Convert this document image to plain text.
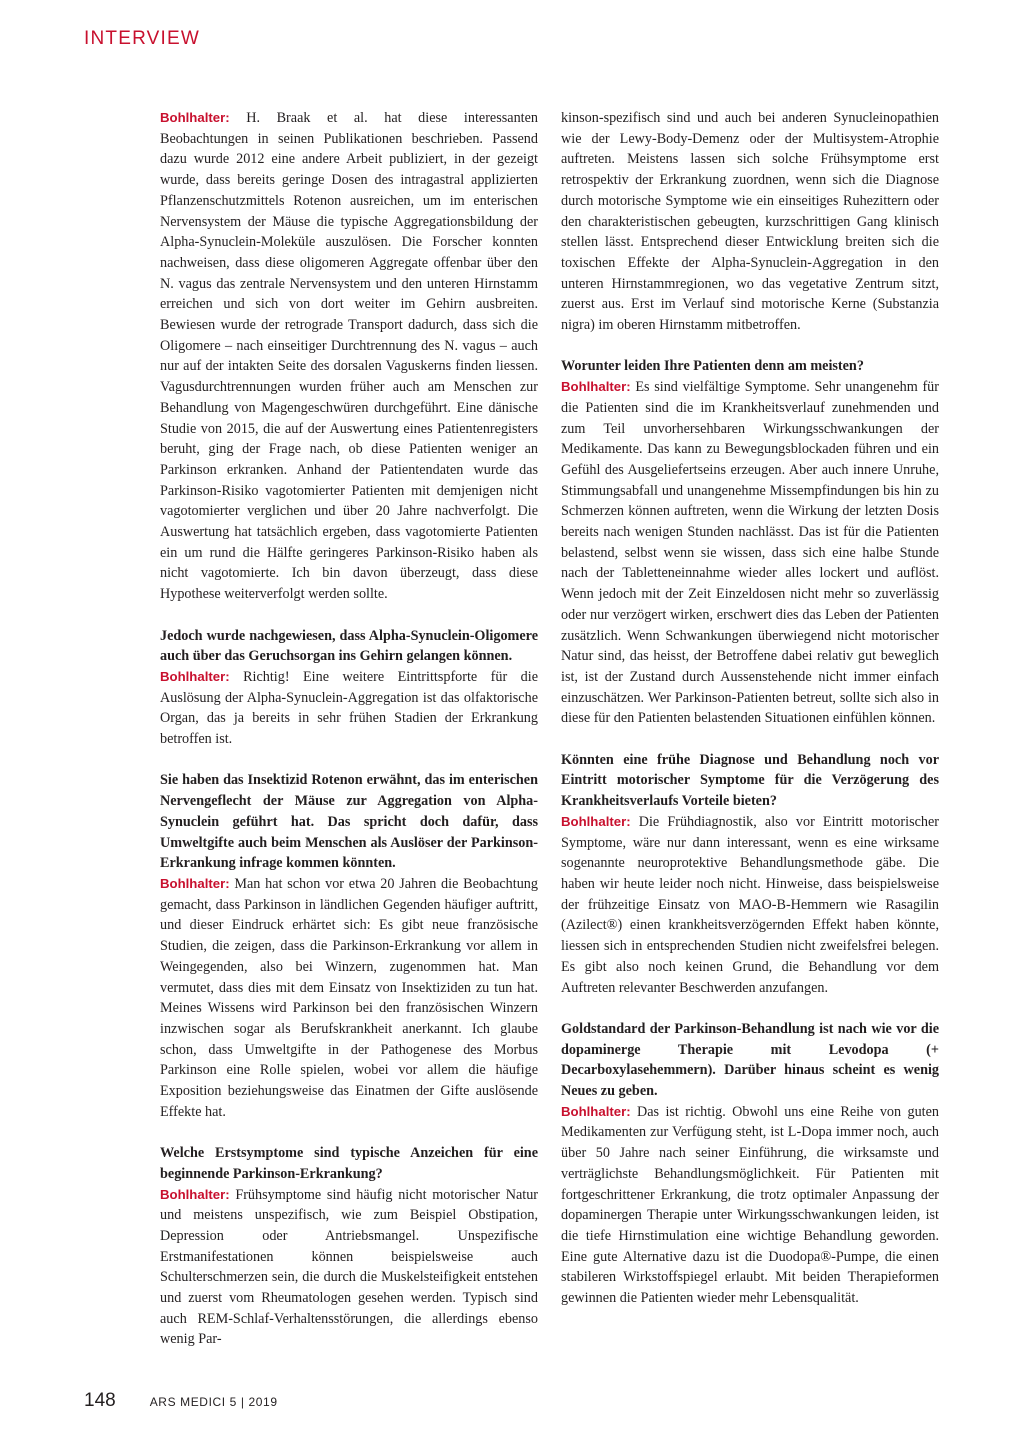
INTERVIEW

Bohlhalter: H. Braak et al. hat diese interessanten Beobachtungen in seinen Publikationen beschrieben. Passend dazu wurde 2012 eine andere Arbeit publiziert, in der gezeigt wurde, dass bereits geringe Dosen des intragastral applizierten Pflanzenschutzmittels Rotenon ausreichen, um im enterischen Nervensystem der Mäuse die typische Aggregationsbildung der Alpha-Synuclein-Moleküle auszulösen. Die Forscher konnten nachweisen, dass diese oligomeren Aggregate offenbar über den N. vagus das zentrale Nervensystem und den unteren Hirnstamm erreichen und sich von dort weiter im Gehirn ausbreiten. Bewiesen wurde der retrograde Transport dadurch, dass sich die Oligomere – nach einseitiger Durchtrennung des N. vagus – auch nur auf der intakten Seite des dorsalen Vaguskerns finden liessen. Vagusdurchtrennungen wurden früher auch am Menschen zur Behandlung von Magengeschwüren durchgeführt. Eine dänische Studie von 2015, die auf der Auswertung eines Patientenregisters beruht, ging der Frage nach, ob diese Patienten weniger an Parkinson erkranken. Anhand der Patientendaten wurde das Parkinson-Risiko vagotomierter Patienten mit demjenigen nicht vagotomierter verglichen und über 20 Jahre nachverfolgt. Die Auswertung hat tatsächlich ergeben, dass vagotomierte Patienten ein um rund die Hälfte geringeres Parkinson-Risiko haben als nicht vagotomierte. Ich bin davon überzeugt, dass diese Hypothese weiterverfolgt werden sollte.

Jedoch wurde nachgewiesen, dass Alpha-Synuclein-Oligomere auch über das Geruchsorgan ins Gehirn gelangen können.

Bohlhalter: Richtig! Eine weitere Eintrittspforte für die Auslösung der Alpha-Synuclein-Aggregation ist das olfaktorische Organ, das ja bereits in sehr frühen Stadien der Erkrankung betroffen ist.

Sie haben das Insektizid Rotenon erwähnt, das im enterischen Nervengeflecht der Mäuse zur Aggregation von Alpha-Synuclein geführt hat. Das spricht doch dafür, dass Umweltgifte auch beim Menschen als Auslöser der Parkinson-Erkrankung infrage kommen könnten.

Bohlhalter: Man hat schon vor etwa 20 Jahren die Beobachtung gemacht, dass Parkinson in ländlichen Gegenden häufiger auftritt, und dieser Eindruck erhärtet sich: Es gibt neue französische Studien, die zeigen, dass die Parkinson-Erkrankung vor allem in Weingegenden, also bei Winzern, zugenommen hat. Man vermutet, dass dies mit dem Einsatz von Insektiziden zu tun hat. Meines Wissens wird Parkinson bei den französischen Winzern inzwischen sogar als Berufskrankheit anerkannt. Ich glaube schon, dass Umweltgifte in der Pathogenese des Morbus Parkinson eine Rolle spielen, wobei vor allem die häufige Exposition beziehungsweise das Einatmen der Gifte auslösende Effekte hat.

Welche Erstsymptome sind typische Anzeichen für eine beginnende Parkinson-Erkrankung?

Bohlhalter: Frühsymptome sind häufig nicht motorischer Natur und meistens unspezifisch, wie zum Beispiel Obstipation, Depression oder Antriebsmangel. Unspezifische Erstmanifestationen können beispielsweise auch Schulterschmerzen sein, die durch die Muskelsteifigkeit entstehen und zuerst vom Rheumatologen gesehen werden. Typisch sind auch REM-Schlaf-Verhaltensstörungen, die allerdings ebenso wenig Par-

kinson-spezifisch sind und auch bei anderen Synucleinopathien wie der Lewy-Body-Demenz oder der Multisystem-Atrophie auftreten. Meistens lassen sich solche Frühsymptome erst retrospektiv der Erkrankung zuordnen, wenn sich die Diagnose durch motorische Symptome wie ein einseitiges Ruhezittern oder den charakteristischen gebeugten, kurzschrittigen Gang klinisch stellen lässt. Entsprechend dieser Entwicklung breiten sich die toxischen Effekte der Alpha-Synuclein-Aggregation in den unteren Hirnstammregionen, wo das vegetative Zentrum sitzt, zuerst aus. Erst im Verlauf sind motorische Kerne (Substanzia nigra) im oberen Hirnstamm mitbetroffen.

Worunter leiden Ihre Patienten denn am meisten?

Bohlhalter: Es sind vielfältige Symptome. Sehr unangenehm für die Patienten sind die im Krankheitsverlauf zunehmenden und zum Teil unvorhersehbaren Wirkungsschwankungen der Medikamente. Das kann zu Bewegungsblockaden führen und ein Gefühl des Ausgeliefertseins erzeugen. Aber auch innere Unruhe, Stimmungsabfall und unangenehme Missempfindungen bis hin zu Schmerzen können auftreten, wenn die Wirkung der letzten Dosis bereits nach wenigen Stunden nachlässt. Das ist für die Patienten belastend, selbst wenn sie wissen, dass sich eine halbe Stunde nach der Tabletteneinnahme wieder alles lockert und auflöst. Wenn jedoch mit der Zeit Einzeldosen nicht mehr so zuverlässig oder nur verzögert wirken, erschwert dies das Leben der Patienten zusätzlich. Wenn Schwankungen überwiegend nicht motorischer Natur sind, das heisst, der Betroffene dabei relativ gut beweglich ist, ist der Zustand durch Aussenstehende nicht immer einfach einzuschätzen. Wer Parkinson-Patienten betreut, sollte sich also in diese für den Patienten belastenden Situationen einfühlen können.

Könnten eine frühe Diagnose und Behandlung noch vor Eintritt motorischer Symptome für die Verzögerung des Krankheitsverlaufs Vorteile bieten?

Bohlhalter: Die Frühdiagnostik, also vor Eintritt motorischer Symptome, wäre nur dann interessant, wenn es eine wirksame sogenannte neuroprotektive Behandlungsmethode gäbe. Die haben wir heute leider noch nicht. Hinweise, dass beispielsweise der frühzeitige Einsatz von MAO-B-Hemmern wie Rasagilin (Azilect®) einen krankheitsverzögernden Effekt haben könnte, liessen sich in entsprechenden Studien nicht zweifelsfrei belegen. Es gibt also noch keinen Grund, die Behandlung vor dem Auftreten relevanter Beschwerden anzufangen.

Goldstandard der Parkinson-Behandlung ist nach wie vor die dopaminerge Therapie mit Levodopa (+ Decarboxylasehemmern). Darüber hinaus scheint es wenig Neues zu geben.

Bohlhalter: Das ist richtig. Obwohl uns eine Reihe von guten Medikamenten zur Verfügung steht, ist L-Dopa immer noch, auch über 50 Jahre nach seiner Einführung, die wirksamste und verträglichste Behandlungsmöglichkeit. Für Patienten mit fortgeschrittener Erkrankung, die trotz optimaler Anpassung der dopaminergen Therapie unter Wirkungsschwankungen leiden, ist die tiefe Hirnstimulation eine wichtige Behandlung geworden. Eine gute Alternative dazu ist die Duodopa®-Pumpe, die einen stabileren Wirkstoffspiegel erlaubt. Mit beiden Therapieformen gewinnen die Patienten wieder mehr Lebensqualität.

148	ARS MEDICI 5 | 2019
